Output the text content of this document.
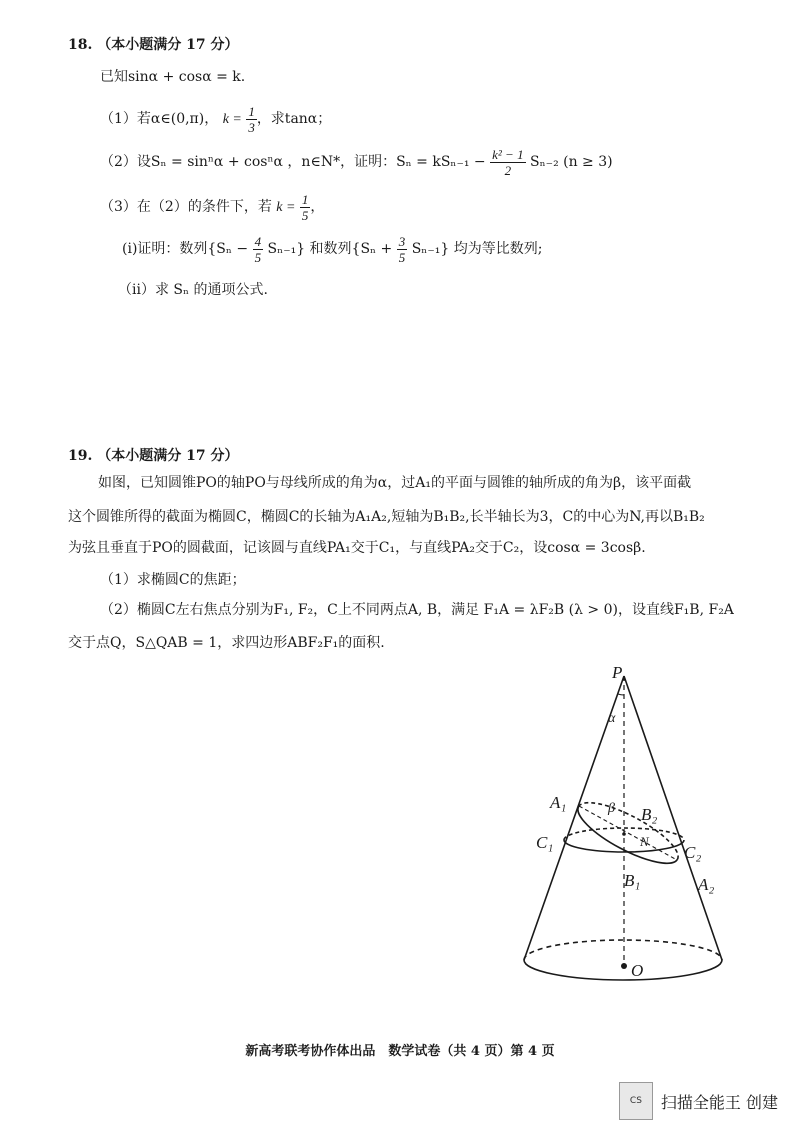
18. （本小题满分 17 分）
已知sinα + cosα = k.
（1）若α∈(0,π)， $k = \frac{1}{3}$ ，求tanα；
（2）设Sₙ = sinⁿα + cosⁿα ，n∈N*，证明：$S_n = kS_{n-1} - \frac{\text{k² − 1}}{2} S_{n-2}$ (n ≥ 3)
（3）在（2）的条件下，若 $k = \frac{1}{5}$ ，
(i)证明：数列$\{S_n - \frac{4}{5} S_{n-1}\}$ 和数列$\{S_n + \frac{3}{5} S_{n-1}\}$ 均为等比数列;
（ii）求 Sₙ 的通项公式.
19. （本小题满分 17 分）
如图，已知圆锥PO的轴PO与母线所成的角为α，过A₁的平面与圆锥的轴所成的角为β，该平面截
这个圆锥所得的截面为椭圆C，椭圆C的长轴为A₁A₂,短轴为B₁B₂,长半轴长为3，C的中心为N,再以B₁B₂
为弦且垂直于PO的圆截面，记该圆与直线PA₁交于C₁，与直线PA₂交于C₂，设cosα = 3cosβ.
（1）求椭圆C的焦距；
（2）椭圆C左右焦点分别为F₁, F₂，C上不同两点A, B，满足 F₁A = λF₂B (λ > 0)，设直线F₁B, F₂A
交于点Q，S△QAB = 1，求四边形ABF₂F₁的面积.
P
O
α
β
A₁
B₂
C₁
C₂
N
B₁	A₂
新高考联考协作体出品　数学试卷（共 4 页）第 4 页
CS 扫描全能王 创建
